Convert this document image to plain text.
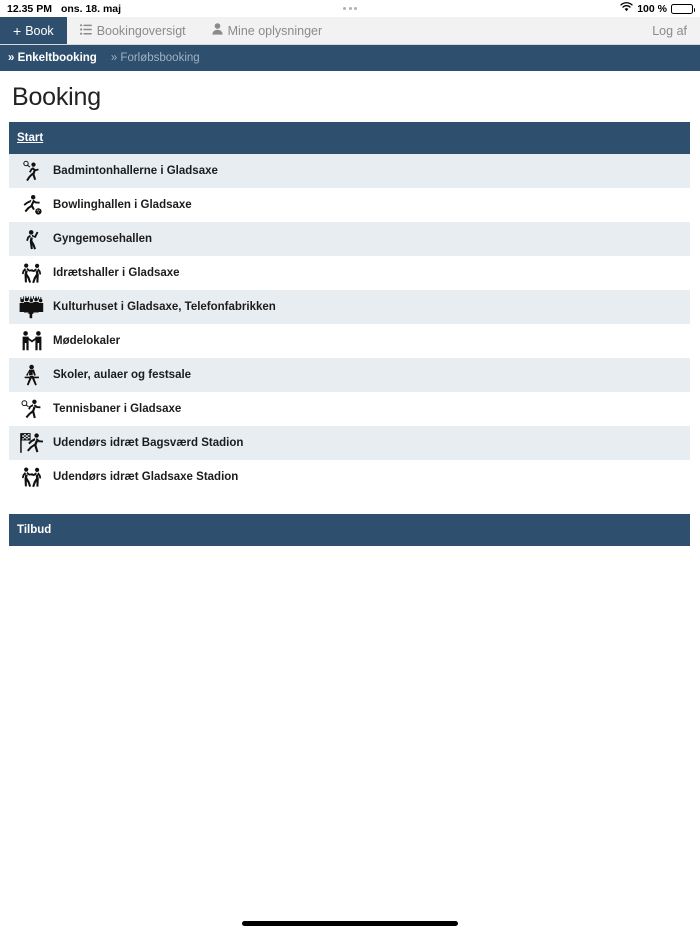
12.35 PM ons. 18. maj	100 %
+ Book	Bookingoversigt	Mine oplysninger	Log af
» Enkeltbooking » Forløbsbooking
Booking
Start
Badmintonhallerne i Gladsaxe
Bowlinghallen i Gladsaxe
Gyngemosehallen
Idrætshaller i Gladsaxe
Kulturhuset i Gladsaxe, Telefonfabrikken
Mødelokaler
Skoler, aulaer og festsale
Tennisbaner i Gladsaxe
Udendørs idræt Bagsværd Stadion
Udendørs idræt Gladsaxe Stadion
Tilbud
